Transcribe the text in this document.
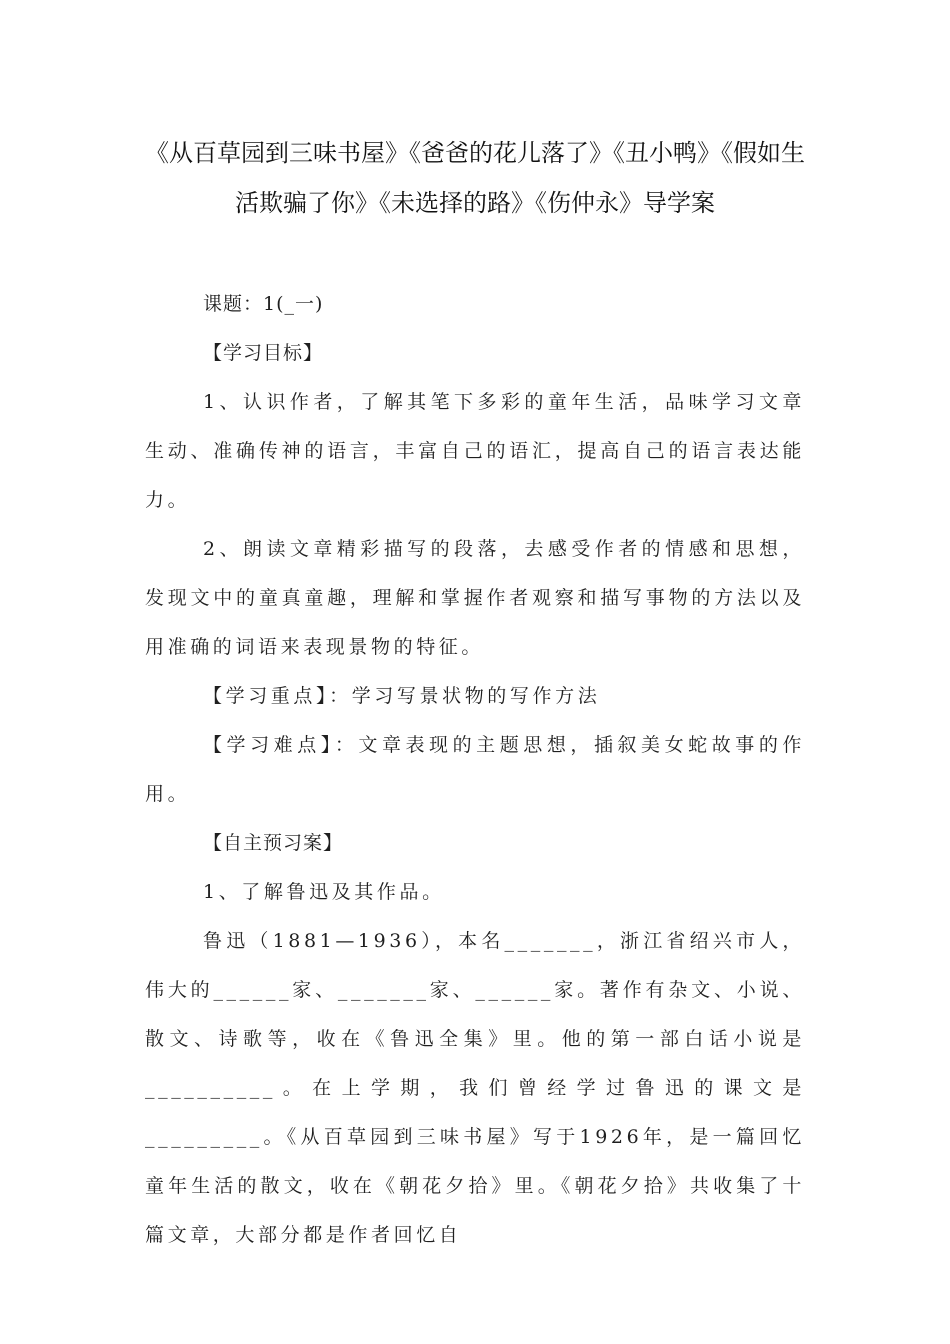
《从百草园到三味书屋》《爸爸的花儿落了》《丑小鸭》《假如生
活欺骗了你》《未选择的路》《伤仲永》导学案

课题：1(_一)

【学习目标】

1、认识作者，了解其笔下多彩的童年生活，品味学习文章生动、准确传神的语言，丰富自己的语汇，提高自己的语言表达能力。

2、朗读文章精彩描写的段落，去感受作者的情感和思想，发现文中的童真童趣，理解和掌握作者观察和描写事物的方法以及用准确的词语来表现景物的特征。

【学习重点】：学习写景状物的写作方法

【学习难点】：文章表现的主题思想，插叙美女蛇故事的作用。

【自主预习案】

1、了解鲁迅及其作品。

鲁迅（1881—1936），本名_______，浙江省绍兴市人，伟大的______家、_______家、______家。著作有杂文、小说、散文、诗歌等，收在《鲁迅全集》里。他的第一部白话小说是__________。在上学期，我们曾经学过鲁迅的课文是_________。《从百草园到三味书屋》写于1926年，是一篇回忆童年生活的散文，收在《朝花夕拾》里。《朝花夕拾》共收集了十篇文章，大部分都是作者回忆自
